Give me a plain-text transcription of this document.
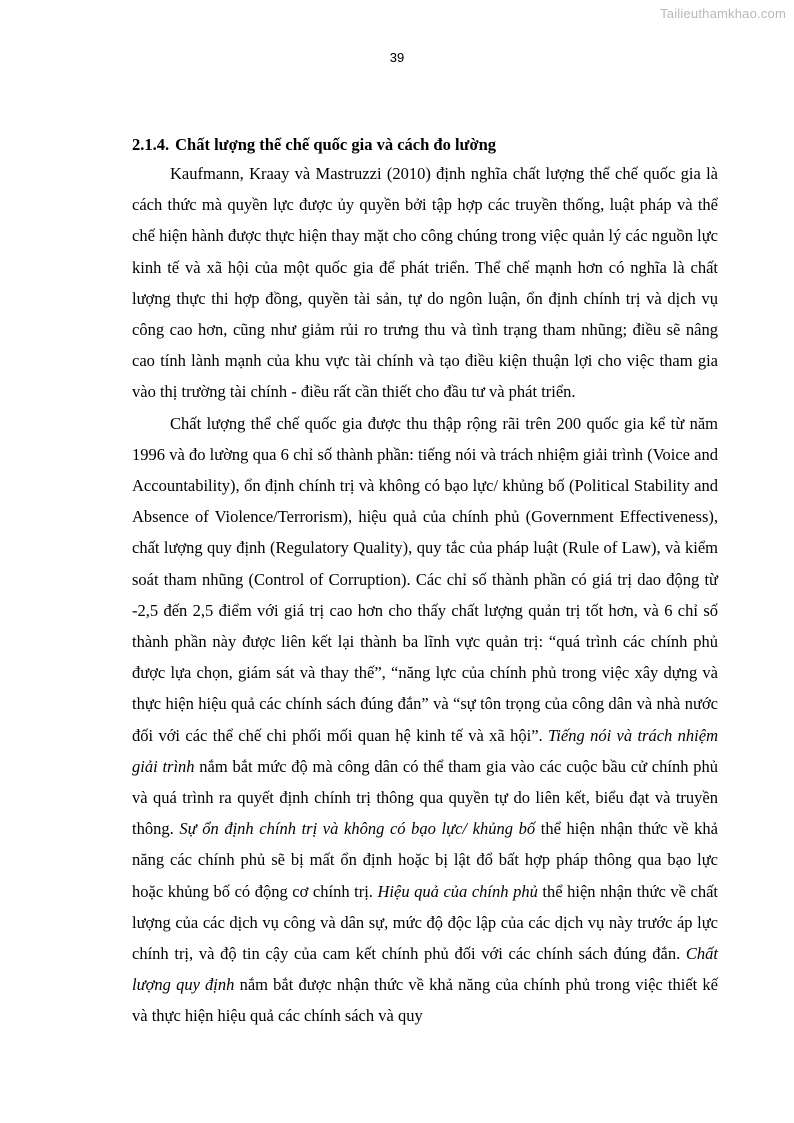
Tailieuthamkhao.com
39
2.1.4. Chất lượng thể chế quốc gia và cách đo lường

Kaufmann, Kraay và Mastruzzi (2010) định nghĩa chất lượng thể chế quốc gia là cách thức mà quyền lực được ủy quyền bởi tập hợp các truyền thống, luật pháp và thể chế hiện hành được thực hiện thay mặt cho công chúng trong việc quản lý các nguồn lực kinh tế và xã hội của một quốc gia để phát triển. Thể chế mạnh hơn có nghĩa là chất lượng thực thi hợp đồng, quyền tài sản, tự do ngôn luận, ổn định chính trị và dịch vụ công cao hơn, cũng như giảm rủi ro trưng thu và tình trạng tham nhũng; điều sẽ nâng cao tính lành mạnh của khu vực tài chính và tạo điều kiện thuận lợi cho việc tham gia vào thị trường tài chính - điều rất cần thiết cho đầu tư và phát triển.

Chất lượng thể chế quốc gia được thu thập rộng rãi trên 200 quốc gia kể từ năm 1996 và đo lường qua 6 chỉ số thành phần: tiếng nói và trách nhiệm giải trình (Voice and Accountability), ổn định chính trị và không có bạo lực/ khủng bố (Political Stability and Absence of Violence/Terrorism), hiệu quả của chính phủ (Government Effectiveness), chất lượng quy định (Regulatory Quality), quy tắc của pháp luật (Rule of Law), và kiểm soát tham nhũng (Control of Corruption). Các chỉ số thành phần có giá trị dao động từ -2,5 đến 2,5 điểm với giá trị cao hơn cho thấy chất lượng quản trị tốt hơn, và 6 chỉ số thành phần này được liên kết lại thành ba lĩnh vực quản trị: “quá trình các chính phủ được lựa chọn, giám sát và thay thế”, “năng lực của chính phủ trong việc xây dựng và thực hiện hiệu quả các chính sách đúng đắn” và “sự tôn trọng của công dân và nhà nước đối với các thể chế chi phối mối quan hệ kinh tế và xã hội”. Tiếng nói và trách nhiệm giải trình nắm bắt mức độ mà công dân có thể tham gia vào các cuộc bầu cử chính phủ và quá trình ra quyết định chính trị thông qua quyền tự do liên kết, biểu đạt và truyền thông. Sự ổn định chính trị và không có bạo lực/ khủng bố thể hiện nhận thức về khả năng các chính phủ sẽ bị mất ổn định hoặc bị lật đổ bất hợp pháp thông qua bạo lực hoặc khủng bố có động cơ chính trị. Hiệu quả của chính phủ thể hiện nhận thức về chất lượng của các dịch vụ công và dân sự, mức độ độc lập của các dịch vụ này trước áp lực chính trị, và độ tin cậy của cam kết chính phủ đối với các chính sách đúng đắn. Chất lượng quy định nắm bắt được nhận thức về khả năng của chính phủ trong việc thiết kế và thực hiện hiệu quả các chính sách và quy
